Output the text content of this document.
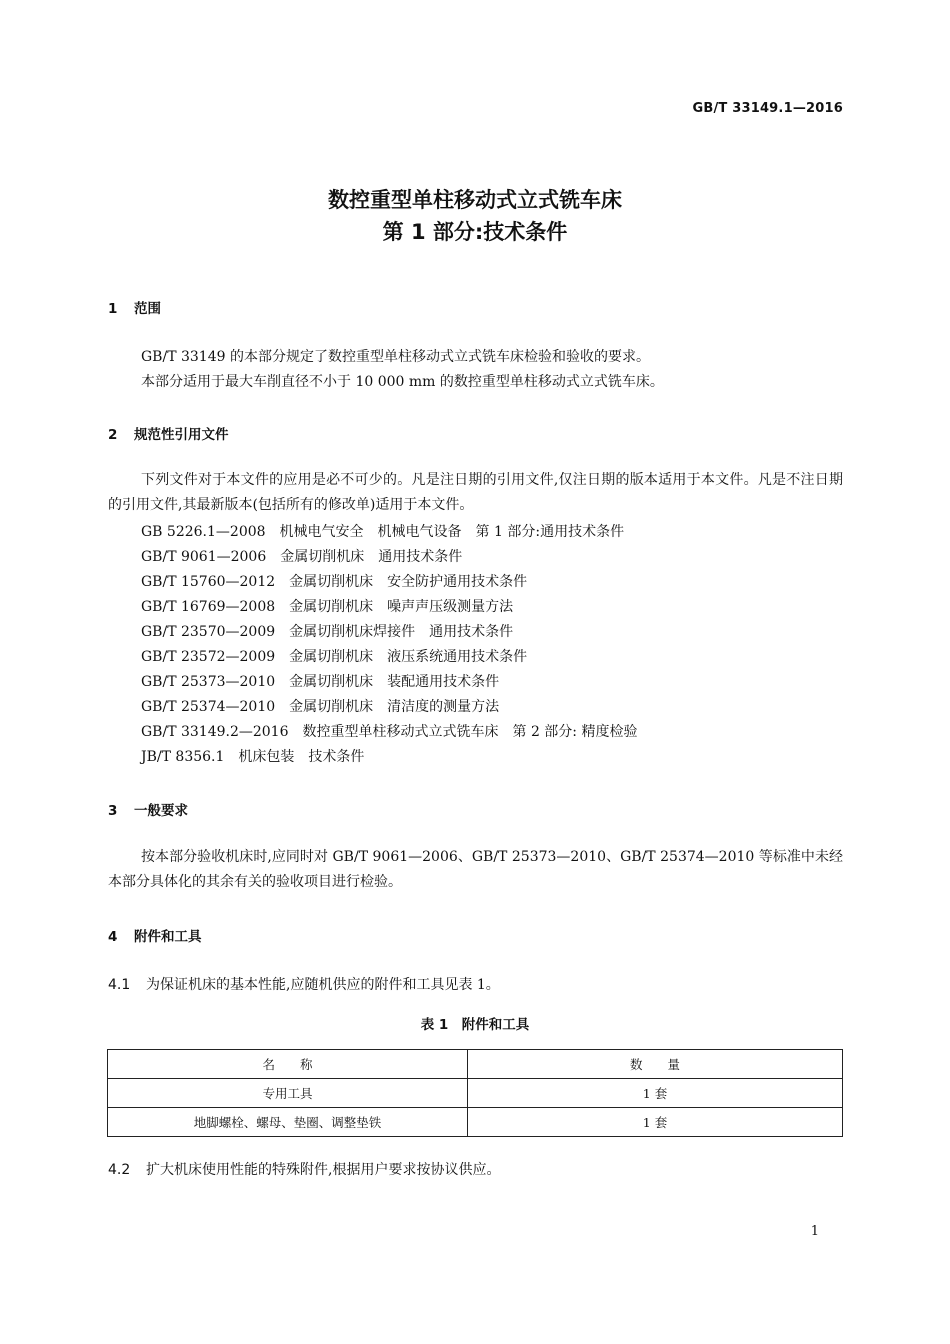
GB/T 33149.1—2016
数控重型单柱移动式立式铣车床
第 1 部分:技术条件
1 范围
GB/T 33149 的本部分规定了数控重型单柱移动式立式铣车床检验和验收的要求。
本部分适用于最大车削直径不小于 10 000 mm 的数控重型单柱移动式立式铣车床。
2 规范性引用文件
下列文件对于本文件的应用是必不可少的。凡是注日期的引用文件,仅注日期的版本适用于本文件。凡是不注日期的引用文件,其最新版本(包括所有的修改单)适用于本文件。
GB 5226.1—2008 机械电气安全　机械电气设备　第 1 部分:通用技术条件
GB/T 9061—2006 金属切削机床　通用技术条件
GB/T 15760—2012 金属切削机床　安全防护通用技术条件
GB/T 16769—2008 金属切削机床　噪声声压级测量方法
GB/T 23570—2009 金属切削机床焊接件　通用技术条件
GB/T 23572—2009 金属切削机床　液压系统通用技术条件
GB/T 25373—2010 金属切削机床　装配通用技术条件
GB/T 25374—2010 金属切削机床　清洁度的测量方法
GB/T 33149.2—2016 数控重型单柱移动式立式铣车床　第 2 部分: 精度检验
JB/T 8356.1 机床包装　技术条件
3 一般要求
按本部分验收机床时,应同时对 GB/T 9061—2006、GB/T 25373—2010、GB/T 25374—2010 等标准中未经本部分具体化的其余有关的验收项目进行检验。
4 附件和工具
4.1 为保证机床的基本性能,应随机供应的附件和工具见表 1。
表 1　附件和工具
名　　称	数　　量
专用工具	1 套
地脚螺栓、螺母、垫圈、调整垫铁	1 套
4.2 扩大机床使用性能的特殊附件,根据用户要求按协议供应。
1
